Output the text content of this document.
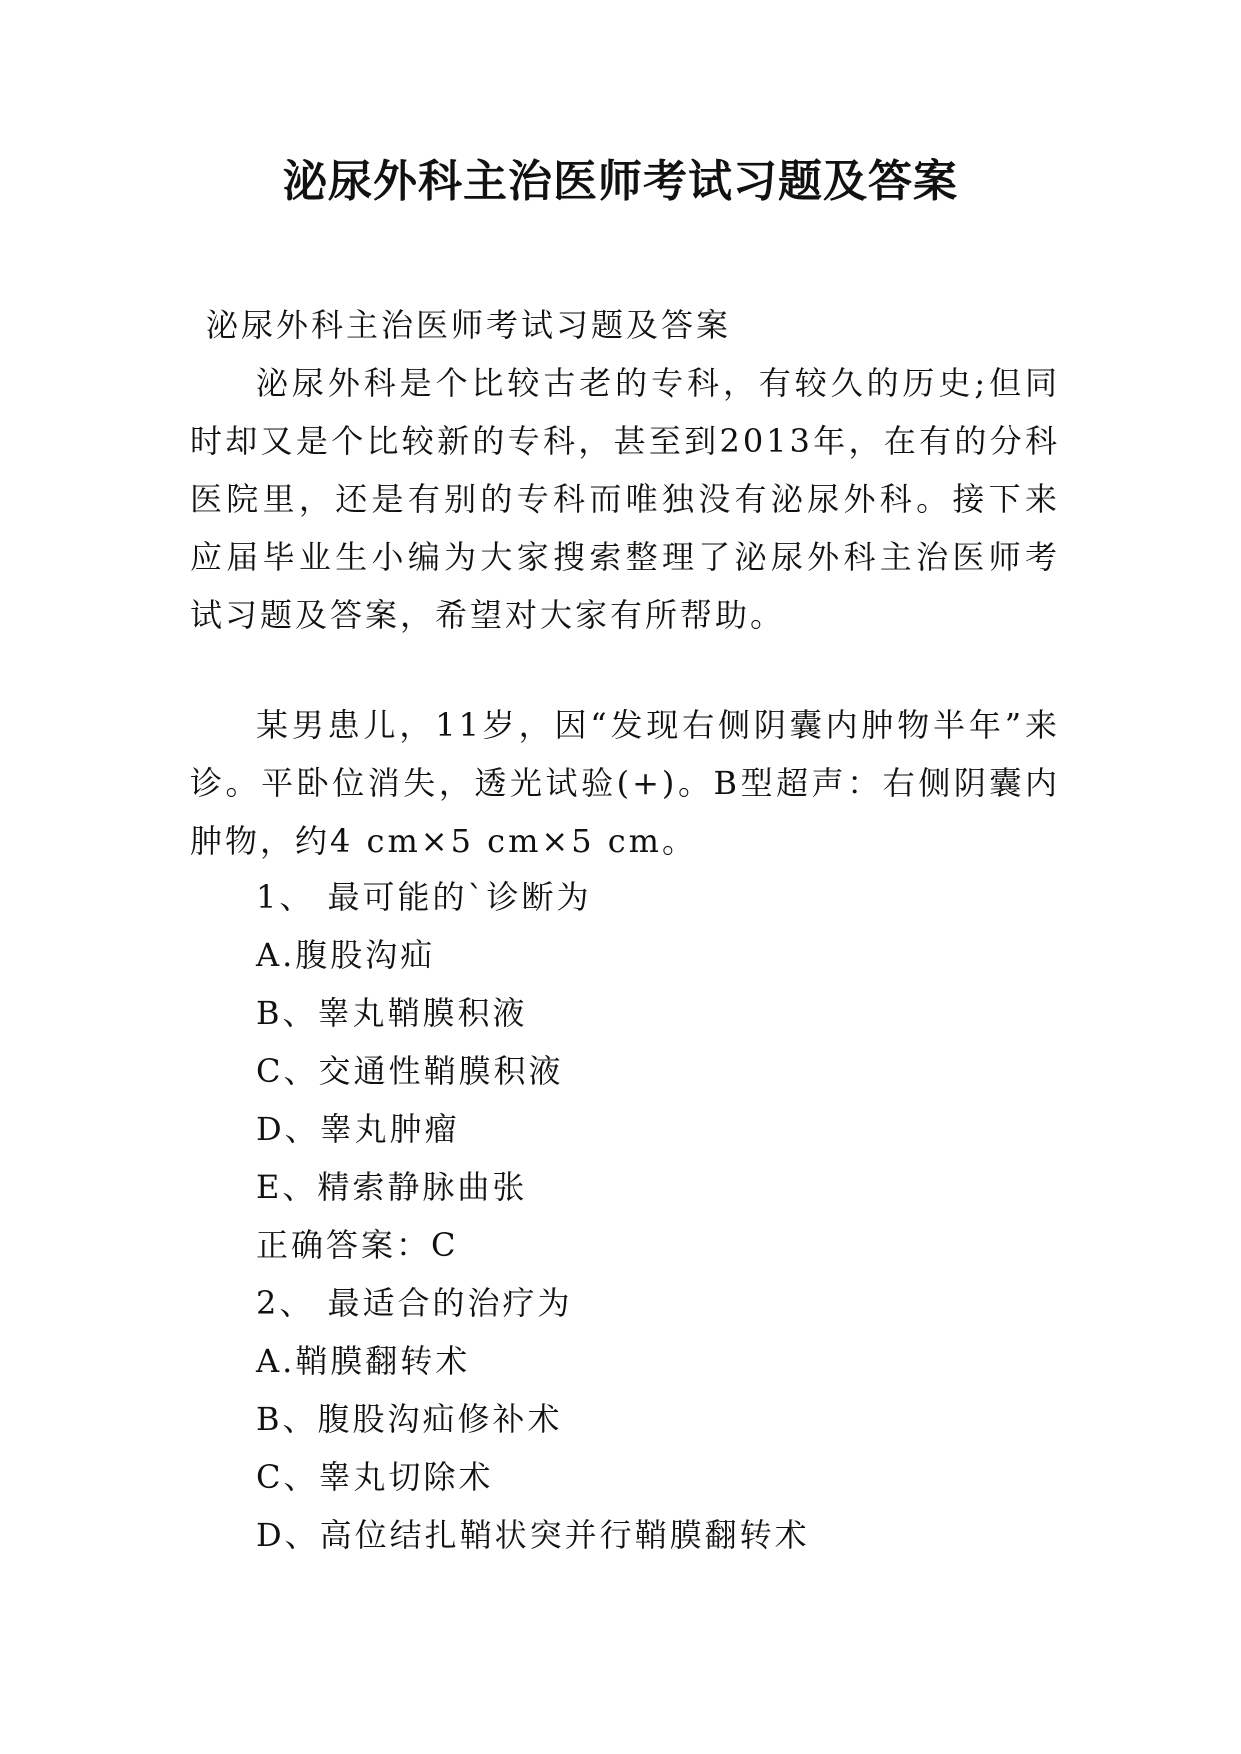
泌尿外科主治医师考试习题及答案

泌尿外科主治医师考试习题及答案

泌尿外科是个比较古老的专科，有较久的历史;但同时却又是个比较新的专科，甚至到2013年，在有的分科医院里，还是有别的专科而唯独没有泌尿外科。接下来应届毕业生小编为大家搜索整理了泌尿外科主治医师考试习题及答案，希望对大家有所帮助。

某男患儿，11岁，因“发现右侧阴囊内肿物半年”来诊。平卧位消失，透光试验(+)。B型超声：右侧阴囊内肿物，约4 cm×5 cm×5 cm。

1、 最可能的`诊断为
A.腹股沟疝
B、睾丸鞘膜积液
C、交通性鞘膜积液
D、睾丸肿瘤
E、精索静脉曲张
正确答案：C
2、 最适合的治疗为
A.鞘膜翻转术
B、腹股沟疝修补术
C、睾丸切除术
D、高位结扎鞘状突并行鞘膜翻转术
